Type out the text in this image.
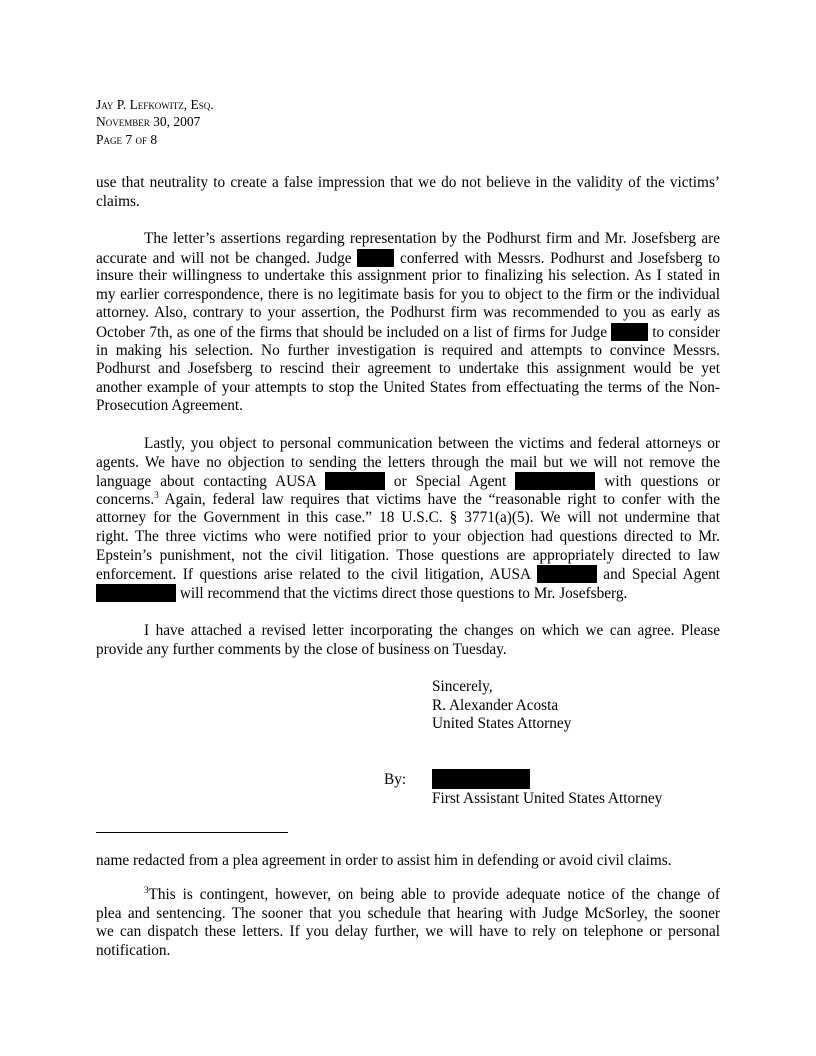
Jay P. Lefkowitz, Esq.
November 30, 2007
Page 7 of 8
use that neutrality to create a false impression that we do not believe in the validity of the victims’
claims.
The letter’s assertions regarding representation by the Podhurst firm and Mr. Josefsberg are
accurate and will not be changed. Judge	conferred with Messrs. Podhurst and Josefsberg to
insure their willingness to undertake this assignment prior to finalizing his selection. As I stated in
my earlier correspondence, there is no legitimate basis for you to object to the firm or the individual
attorney. Also, contrary to your assertion, the Podhurst firm was recommended to you as early as
October 7th, as one of the firms that should be included on a list of firms for Judge	to consider
in making his selection. No further investigation is required and attempts to convince Messrs.
Podhurst and Josefsberg to rescind their agreement to undertake this assignment would be yet
another example of your attempts to stop the United States from effectuating the terms of the Non-
Prosecution Agreement.
Lastly, you object to personal communication between the victims and federal attorneys or
agents. We have no objection to sending the letters through the mail but we will not remove the
language about contacting AUSA	or Special Agent	with questions or
concerns.$^3$ Again, federal law requires that victims have the “reasonable right to confer with the
attorney for the Government in this case.” 18 U.S.C. § 3771(a)(5). We will not undermine that
right. The three victims who were notified prior to your objection had questions directed to Mr.
Epstein’s punishment, not the civil litigation. Those questions are appropriately directed to law
enforcement. If questions arise related to the civil litigation, AUSA	and Special Agent
will recommend that the victims direct those questions to Mr. Josefsberg.
I have attached a revised letter incorporating the changes on which we can agree. Please
provide any further comments by the close of business on Tuesday.
Sincerely,
R. Alexander Acosta
United States Attorney
By:
First Assistant United States Attorney
name redacted from a plea agreement in order to assist him in defending or avoid civil claims.
$^3$This is contingent, however, on being able to provide adequate notice of the change of
plea and sentencing. The sooner that you schedule that hearing with Judge McSorley, the sooner
we can dispatch these letters. If you delay further, we will have to rely on telephone or personal
notification.
